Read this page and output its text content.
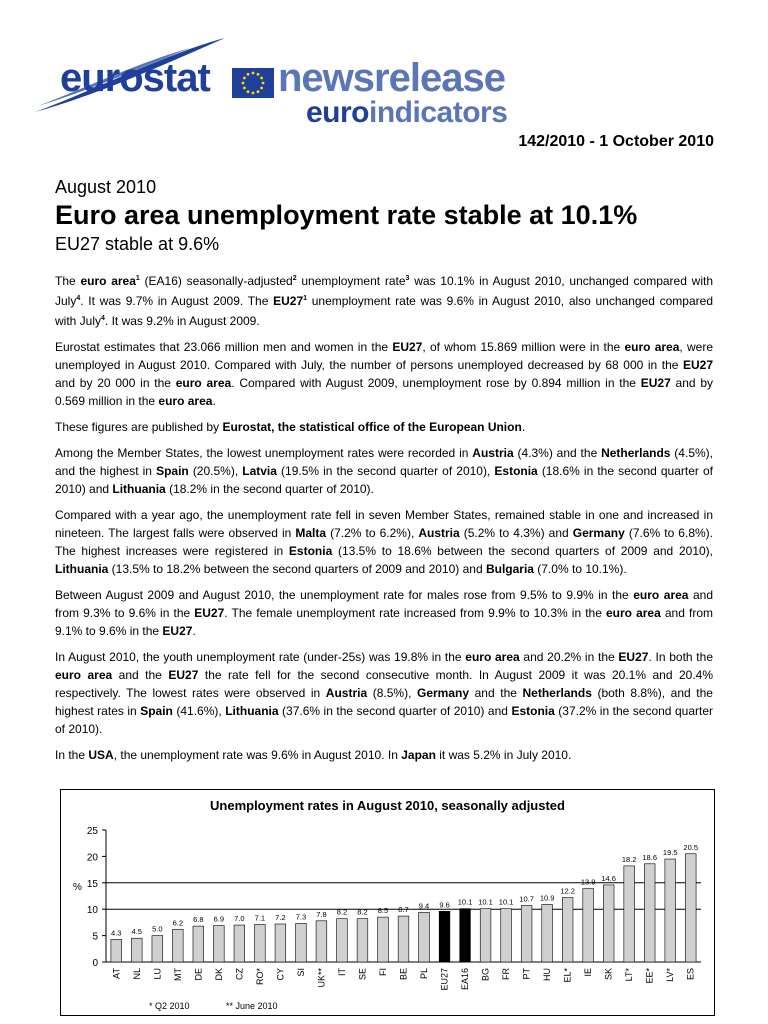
eurostat newsrelease
euroindicators
142/2010 - 1 October 2010
August 2010
Euro area unemployment rate stable at 10.1%
EU27 stable at 9.6%

The euro area$^1$ (EA16) seasonally-adjusted$^2$ unemployment rate$^3$ was 10.1% in August 2010, unchanged compared with July$^4$. It was 9.7% in August 2009. The $EU27^1$ unemployment rate was 9.6% in August 2010, also unchanged compared with July$^4$. It was 9.2% in August 2009.

Eurostat estimates that 23.066 million men and women in the EU27, of whom 15.869 million were in the euro area, were unemployed in August 2010. Compared with July, the number of persons unemployed decreased by 68 000 in the EU27 and by 20 000 in the euro area. Compared with August 2009, unemployment rose by 0.894 million in the EU27 and by 0.569 million in the euro area.

These figures are published by Eurostat, the statistical office of the European Union.

Among the Member States, the lowest unemployment rates were recorded in Austria (4.3%) and the Netherlands (4.5%), and the highest in Spain (20.5%), Latvia (19.5% in the second quarter of 2010), Estonia (18.6% in the second quarter of 2010) and Lithuania (18.2% in the second quarter of 2010).

Compared with a year ago, the unemployment rate fell in seven Member States, remained stable in one and increased in nineteen. The largest falls were observed in Malta (7.2% to 6.2%), Austria (5.2% to 4.3%) and Germany (7.6% to 6.8%). The highest increases were registered in Estonia (13.5% to 18.6% between the second quarters of 2009 and 2010), Lithuania (13.5% to 18.2% between the second quarters of 2009 and 2010) and Bulgaria (7.0% to 10.1%).

Between August 2009 and August 2010, the unemployment rate for males rose from 9.5% to 9.9% in the euro area and from 9.3% to 9.6% in the EU27. The female unemployment rate increased from 9.9% to 10.3% in the euro area and from 9.1% to 9.6% in the EU27.

In August 2010, the youth unemployment rate (under-25s) was 19.8% in the euro area and 20.2% in the EU27. In both the euro area and the EU27 the rate fell for the second consecutive month. In August 2009 it was 20.1% and 20.4% respectively. The lowest rates were observed in Austria (8.5%), Germany and the Netherlands (both 8.8%), and the highest rates in Spain (41.6%), Lithuania (37.6% in the second quarter of 2010) and Estonia (37.2% in the second quarter of 2010).

In the USA, the unemployment rate was 9.6% in August 2010. In Japan it was 5.2% in July 2010.

Unemployment rates in August 2010, seasonally adjusted
0
5
10
15
20
25
%
4.3
AT
4.5
NL
5.0
LU
6.2
MT
6.8
DE
6.9
DK
7.0
CZ
7.1
RO*
7.2
CY
7.3
SI
7.8
UK**
8.2
IT
8.2
SE
8.5
FI
8.7
BE
9.4
PL
9.6
EU27
10.1
EA16
10.1
BG
10.1
FR
10.7
PT
10.9
HU
12.2
EL*
13.9
IE
14.6
SK
18.2
LT*
18.6
EE*
19.5
LV*
20.5
ES
* Q2 2010	** June 2010
